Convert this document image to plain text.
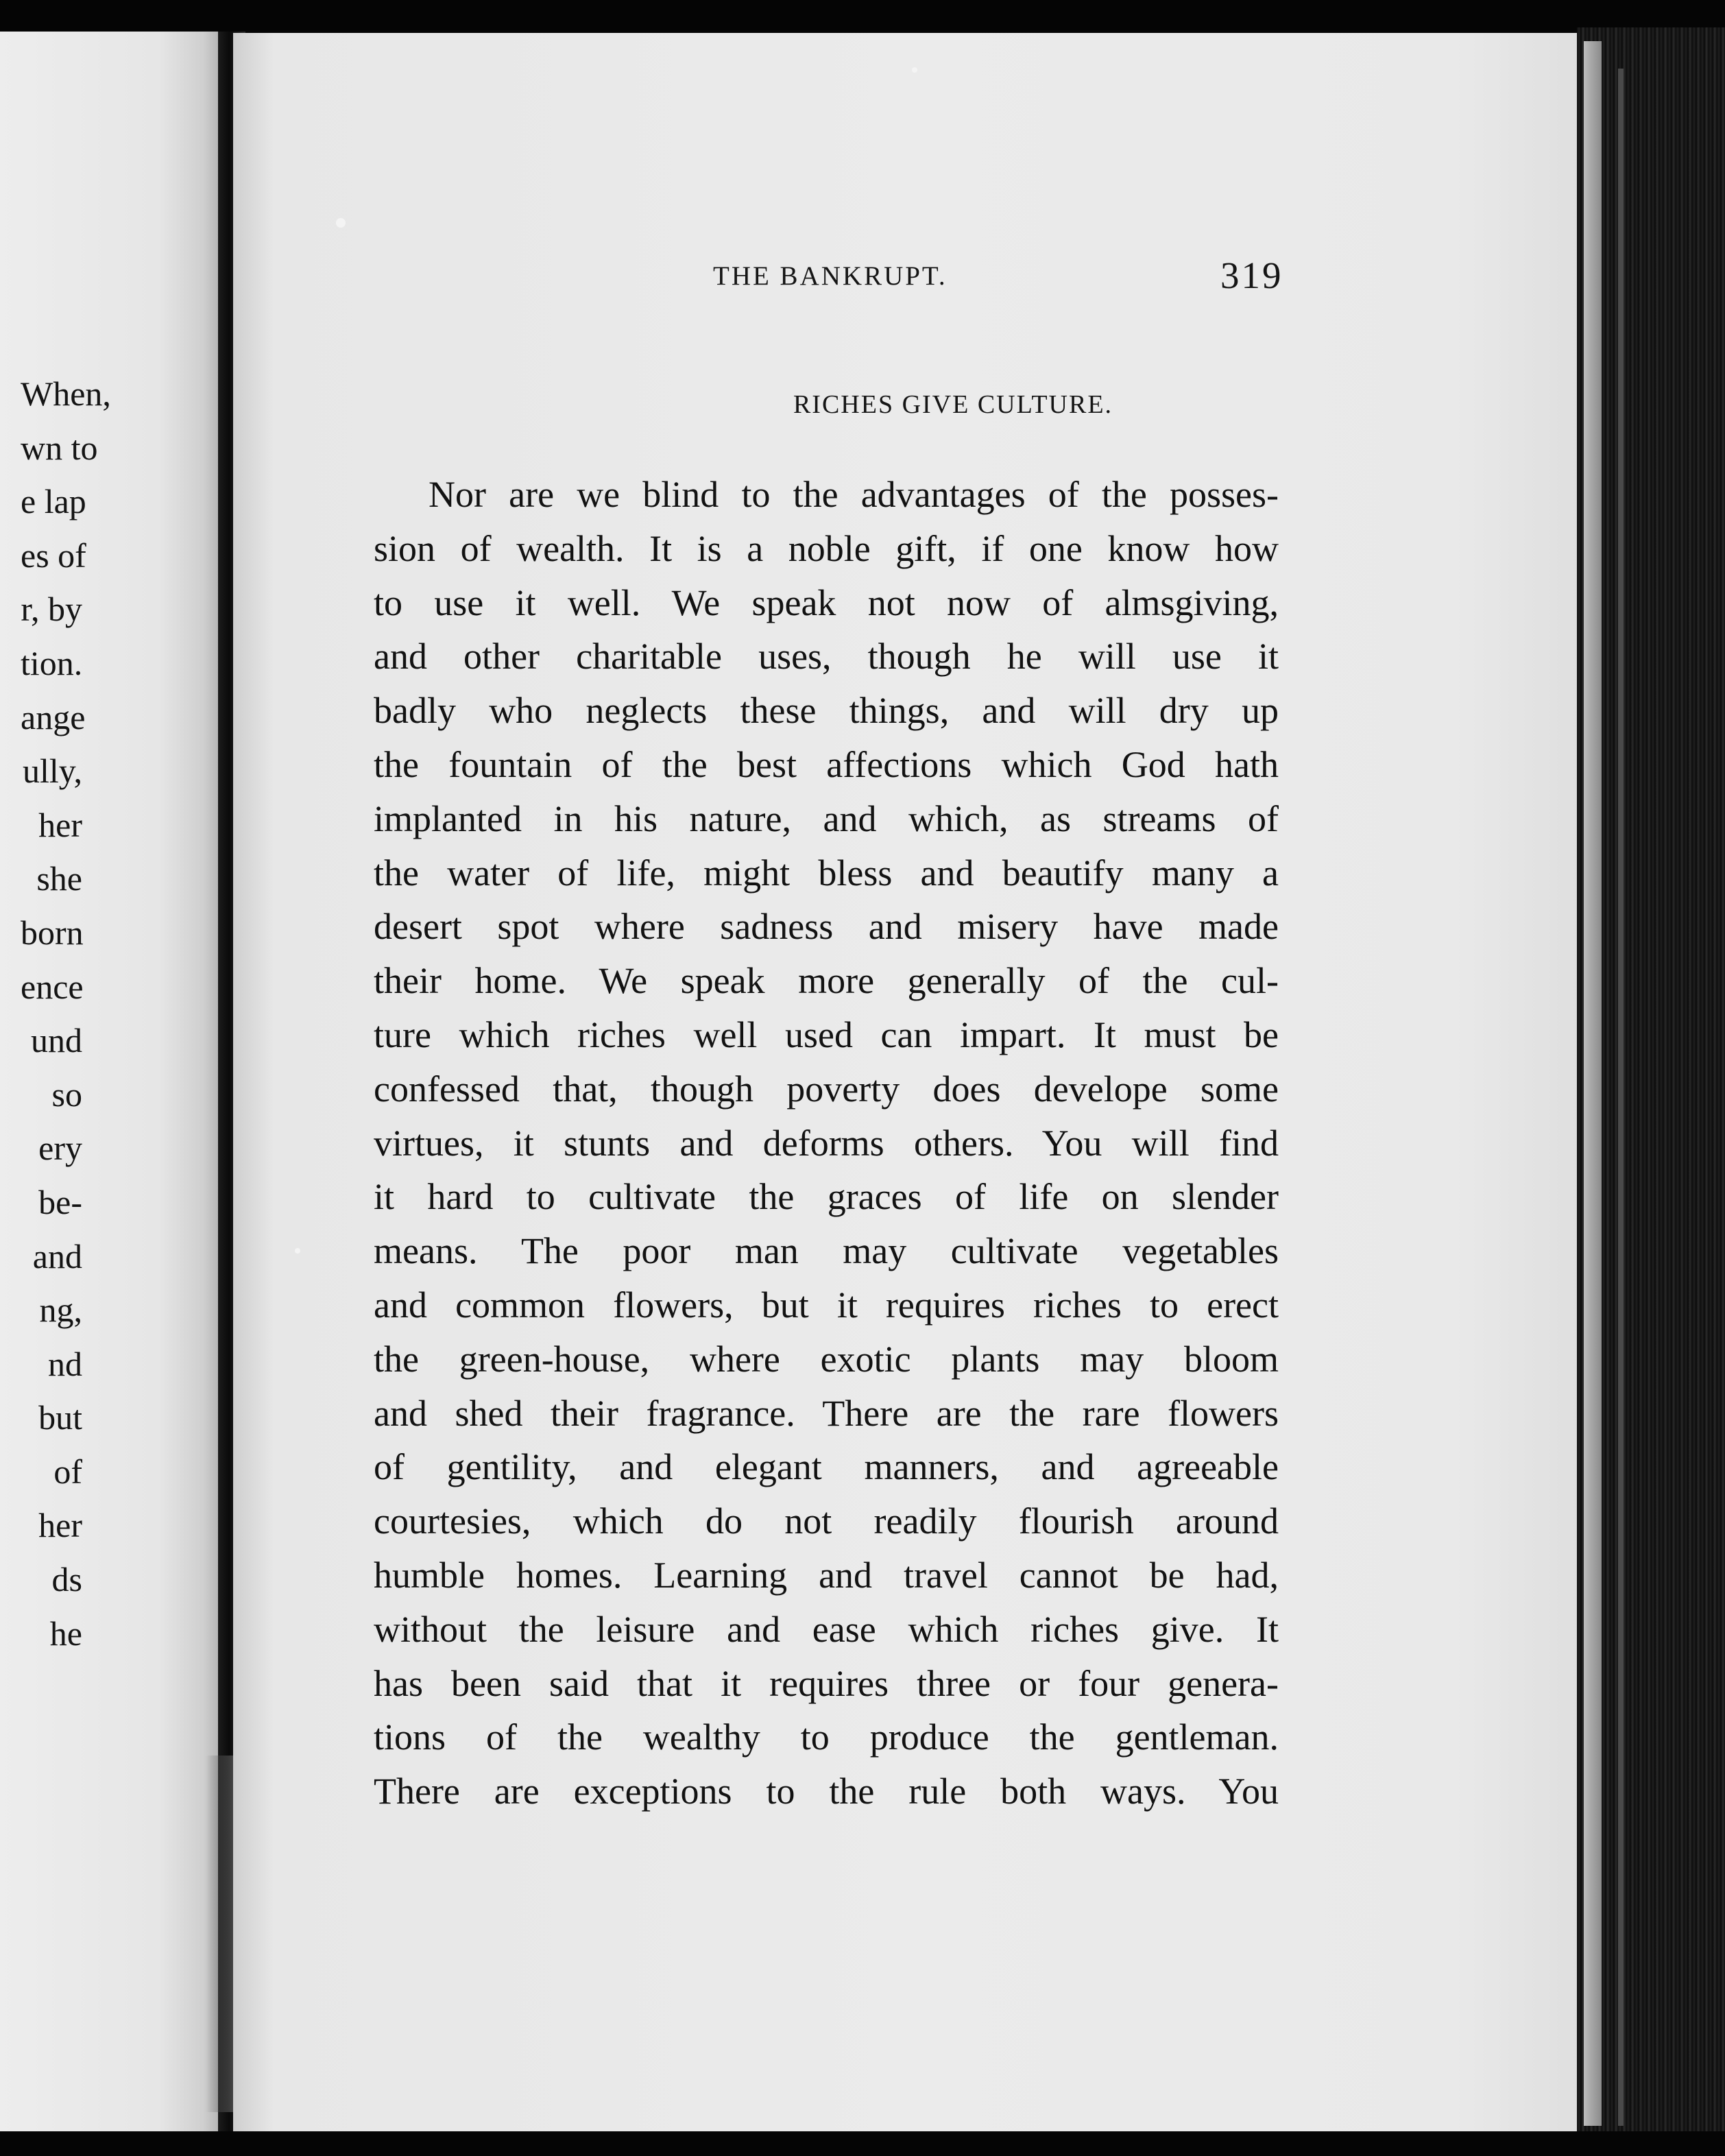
When,
wn to
e lap
es of
r, by
tion.
ange
ully,
her
she
born
ence
und
so
ery
be-
and
ng,
nd
but
of
her
ds
he
THE BANKRUPT.	319
RICHES GIVE CULTURE.
Nor are we blind to the advantages of the posses-
sion of wealth. It is a noble gift, if one know how
to use it well. We speak not now of almsgiving,
and other charitable uses, though he will use it
badly who neglects these things, and will dry up
the fountain of the best affections which God hath
implanted in his nature, and which, as streams of
the water of life, might bless and beautify many a
desert spot where sadness and misery have made
their home. We speak more generally of the cul-
ture which riches well used can impart. It must be
confessed that, though poverty does develope some
virtues, it stunts and deforms others. You will find
it hard to cultivate the graces of life on slender
means. The poor man may cultivate vegetables
and common flowers, but it requires riches to erect
the green-house, where exotic plants may bloom
and shed their fragrance. There are the rare flowers
of gentility, and elegant manners, and agreeable
courtesies, which do not readily flourish around
humble homes. Learning and travel cannot be had,
without the leisure and ease which riches give. It
has been said that it requires three or four genera-
tions of the wealthy to produce the gentleman.
There are exceptions to the rule both ways. You
